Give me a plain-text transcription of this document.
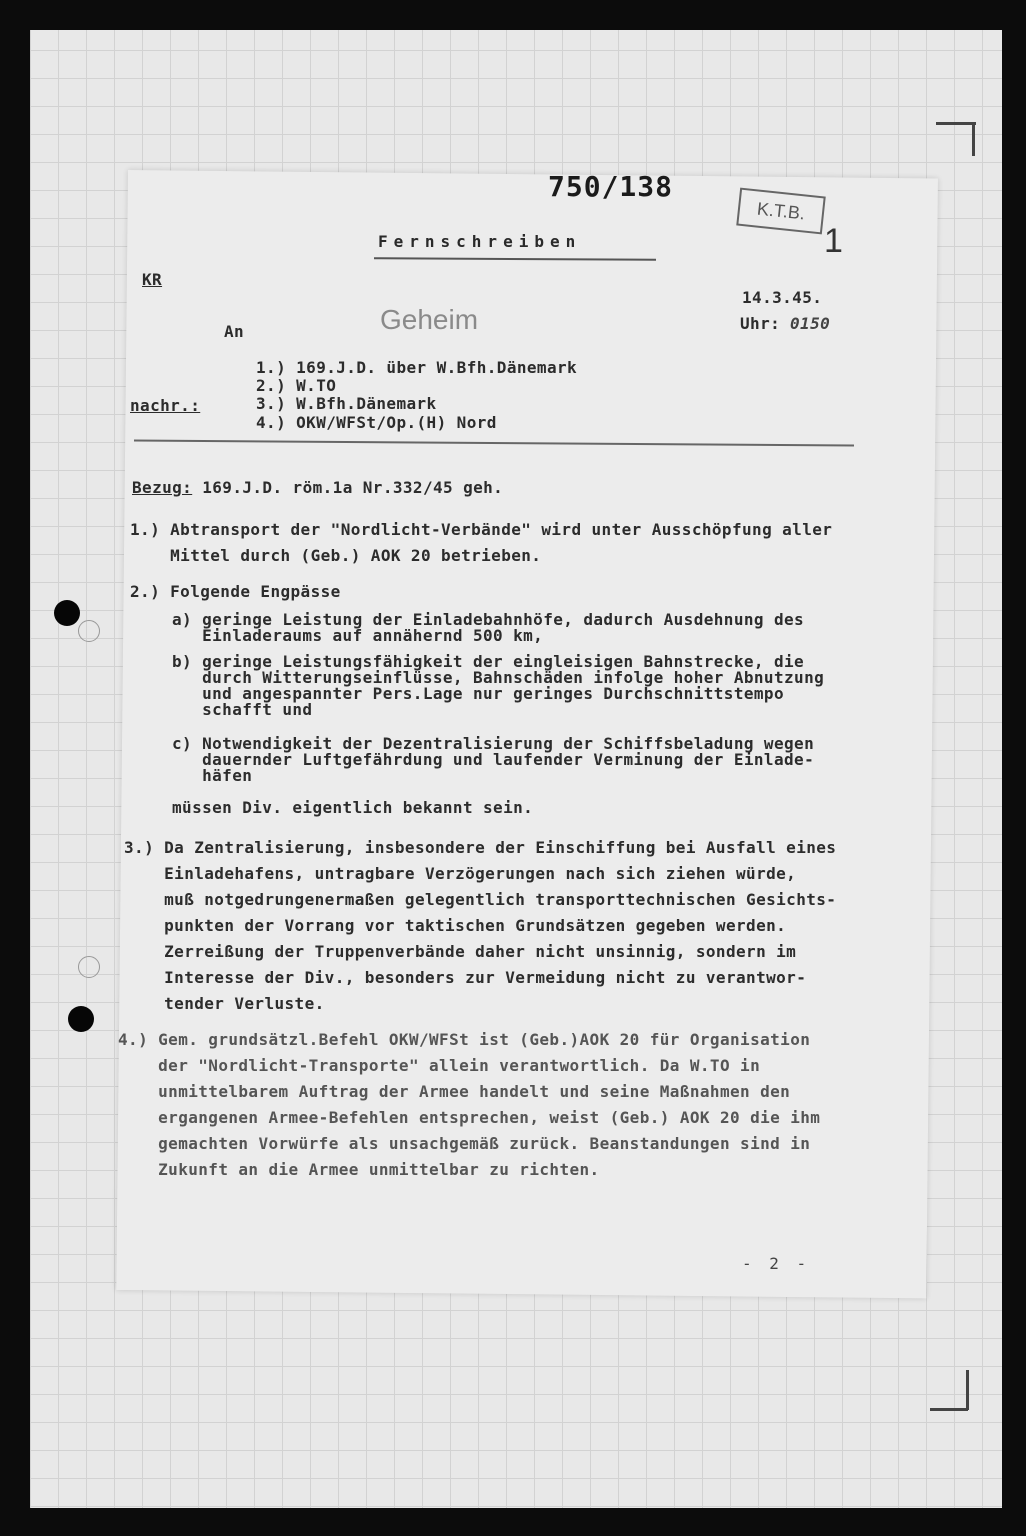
750/138
K.T.B.
1
Fernschreiben
KR
14.3.45.
Uhr: 0150
An	Geheim
1.) 169.J.D. über W.Bfh.Dänemark
2.) W.TO
nachr.:	3.) W.Bfh.Dänemark
4.) OKW/WFSt/Op.(H) Nord
Bezug: 169.J.D. röm.1a Nr.332/45 geh.
1.) Abtransport der "Nordlicht-Verbände" wird unter Ausschöpfung aller
Mittel durch (Geb.) AOK 20 betrieben.
2.) Folgende Engpässe
a) geringe Leistung der Einladebahnhöfe, dadurch Ausdehnung des
Einladeraums auf annähernd 500 km,
b) geringe Leistungsfähigkeit der eingleisigen Bahnstrecke, die
durch Witterungseinflüsse, Bahnschäden infolge hoher Abnutzung
und angespannter Pers.Lage nur geringes Durchschnittstempo
schafft und
c) Notwendigkeit der Dezentralisierung der Schiffsbeladung wegen
dauernder Luftgefährdung und laufender Verminung der Einlade-
häfen
müssen Div. eigentlich bekannt sein.
3.) Da Zentralisierung, insbesondere der Einschiffung bei Ausfall eines
Einladehafens, untragbare Verzögerungen nach sich ziehen würde,
muß notgedrungenermaßen gelegentlich transporttechnischen Gesichts-
punkten der Vorrang vor taktischen Grundsätzen gegeben werden.
Zerreißung der Truppenverbände daher nicht unsinnig, sondern im
Interesse der Div., besonders zur Vermeidung nicht zu verantwor-
tender Verluste.
4.) Gem. grundsätzl.Befehl OKW/WFSt ist (Geb.)AOK 20 für Organisation
der "Nordlicht-Transporte" allein verantwortlich. Da W.TO in
unmittelbarem Auftrag der Armee handelt und seine Maßnahmen den
ergangenen Armee-Befehlen entsprechen, weist (Geb.) AOK 20 die ihm
gemachten Vorwürfe als unsachgemäß zurück. Beanstandungen sind in
Zukunft an die Armee unmittelbar zu richten.
- 2 -
